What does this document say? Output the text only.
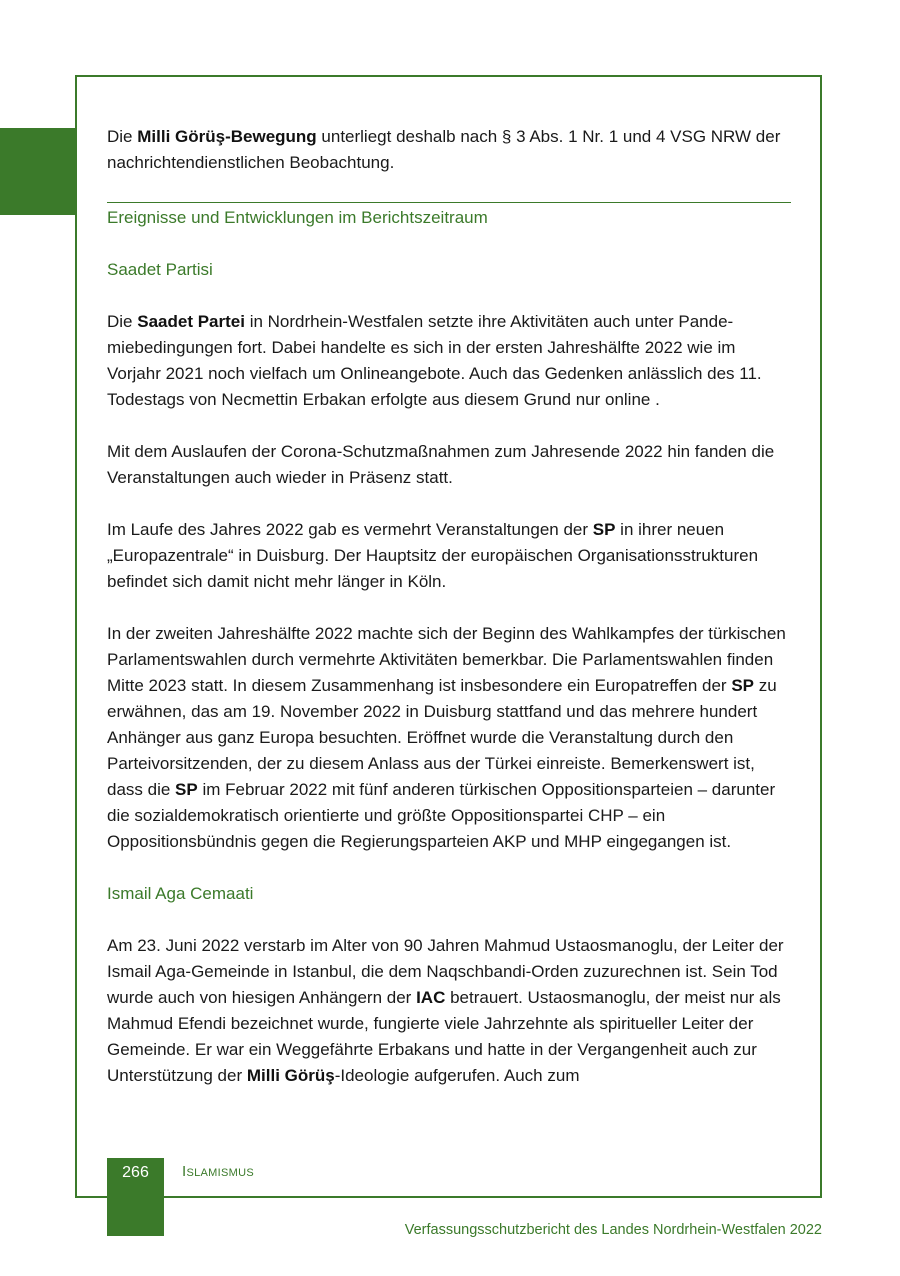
Die Milli Görüş-Bewegung unterliegt deshalb nach § 3 Abs. 1 Nr. 1 und 4 VSG NRW der nachrichtendienstlichen Beobachtung.

Ereignisse und Entwicklungen im Berichtszeitraum
Saadet Partisi

Die Saadet Partei in Nordrhein-Westfalen setzte ihre Aktivitäten auch unter Pandemiebedingungen fort. Dabei handelte es sich in der ersten Jahreshälfte 2022 wie im Vorjahr 2021 noch vielfach um Onlineangebote. Auch das Gedenken anlässlich des 11. Todestags von Necmettin Erbakan erfolgte aus diesem Grund nur online .

Mit dem Auslaufen der Corona-Schutzmaßnahmen zum Jahresende 2022 hin fanden die Veranstaltungen auch wieder in Präsenz statt.

Im Laufe des Jahres 2022 gab es vermehrt Veranstaltungen der SP in ihrer neuen „Europazentrale“ in Duisburg. Der Hauptsitz der europäischen Organisationsstrukturen befindet sich damit nicht mehr länger in Köln.

In der zweiten Jahreshälfte 2022 machte sich der Beginn des Wahlkampfes der türkischen Parlamentswahlen durch vermehrte Aktivitäten bemerkbar. Die Parlamentswahlen finden Mitte 2023 statt. In diesem Zusammenhang ist insbesondere ein Europatreffen der SP zu erwähnen, das am 19. November 2022 in Duisburg stattfand und das mehrere hundert Anhänger aus ganz Europa besuchten. Eröffnet wurde die Veranstaltung durch den Parteivorsitzenden, der zu diesem Anlass aus der Türkei einreiste. Bemerkenswert ist, dass die SP im Februar 2022 mit fünf anderen türkischen Oppositionsparteien – darunter die sozialdemokratisch orientierte und größte Oppositionspartei CHP – ein Oppositionsbündnis gegen die Regierungsparteien AKP und MHP eingegangen ist.

Ismail Aga Cemaati

Am 23. Juni 2022 verstarb im Alter von 90 Jahren Mahmud Ustaosmanoglu, der Leiter der Ismail Aga-Gemeinde in Istanbul, die dem Naqschbandi-Orden zuzurechnen ist. Sein Tod wurde auch von hiesigen Anhängern der IAC betrauert. Ustaosmanoglu, der meist nur als Mahmud Efendi bezeichnet wurde, fungierte viele Jahrzehnte als spiritueller Leiter der Gemeinde. Er war ein Weggefährte Erbakans und hatte in der Vergangenheit auch zur Unterstützung der Milli Görüş-Ideologie aufgerufen. Auch zum

266	Islamismus
Verfassungsschutzbericht des Landes Nordrhein-Westfalen 2022
